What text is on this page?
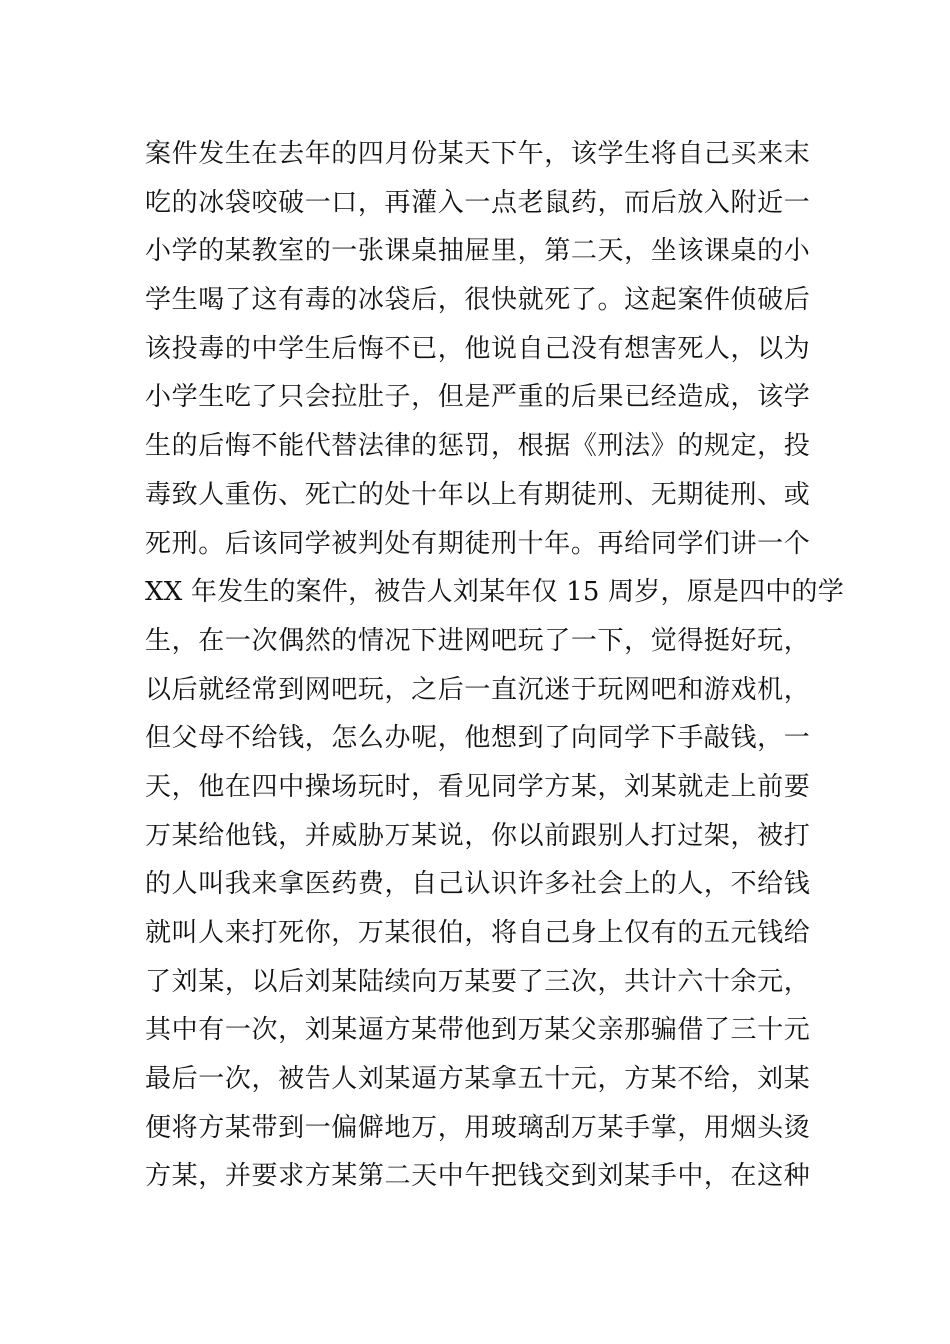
案件发生在去年的四月份某天下午，该学生将自己买来末
吃的冰袋咬破一口，再灌入一点老鼠药，而后放入附近一
小学的某教室的一张课桌抽屉里，第二天，坐该课桌的小
学生喝了这有毒的冰袋后，很快就死了。这起案件侦破后
该投毒的中学生后悔不已，他说自己没有想害死人，以为
小学生吃了只会拉肚子，但是严重的后果已经造成，该学
生的后悔不能代替法律的惩罚，根据《刑法》的规定，投
毒致人重伤、死亡的处十年以上有期徒刑、无期徒刑、或
死刑。后该同学被判处有期徒刑十年。再给同学们讲一个
XX 年发生的案件，被告人刘某年仅 15 周岁，原是四中的学
生，在一次偶然的情况下进网吧玩了一下，觉得挺好玩，
以后就经常到网吧玩，之后一直沉迷于玩网吧和游戏机，
但父母不给钱，怎么办呢，他想到了向同学下手敲钱，一
天，他在四中操场玩时，看见同学方某，刘某就走上前要
万某给他钱，并威胁万某说，你以前跟别人打过架，被打
的人叫我来拿医药费，自己认识许多社会上的人，不给钱
就叫人来打死你，万某很伯，将自己身上仅有的五元钱给
了刘某，以后刘某陆续向万某要了三次，共计六十余元，
其中有一次，刘某逼方某带他到万某父亲那骗借了三十元
最后一次，被告人刘某逼方某拿五十元，方某不给，刘某
便将方某带到一偏僻地万，用玻璃刮万某手掌，用烟头烫
方某，并要求方某第二天中午把钱交到刘某手中，在这种
